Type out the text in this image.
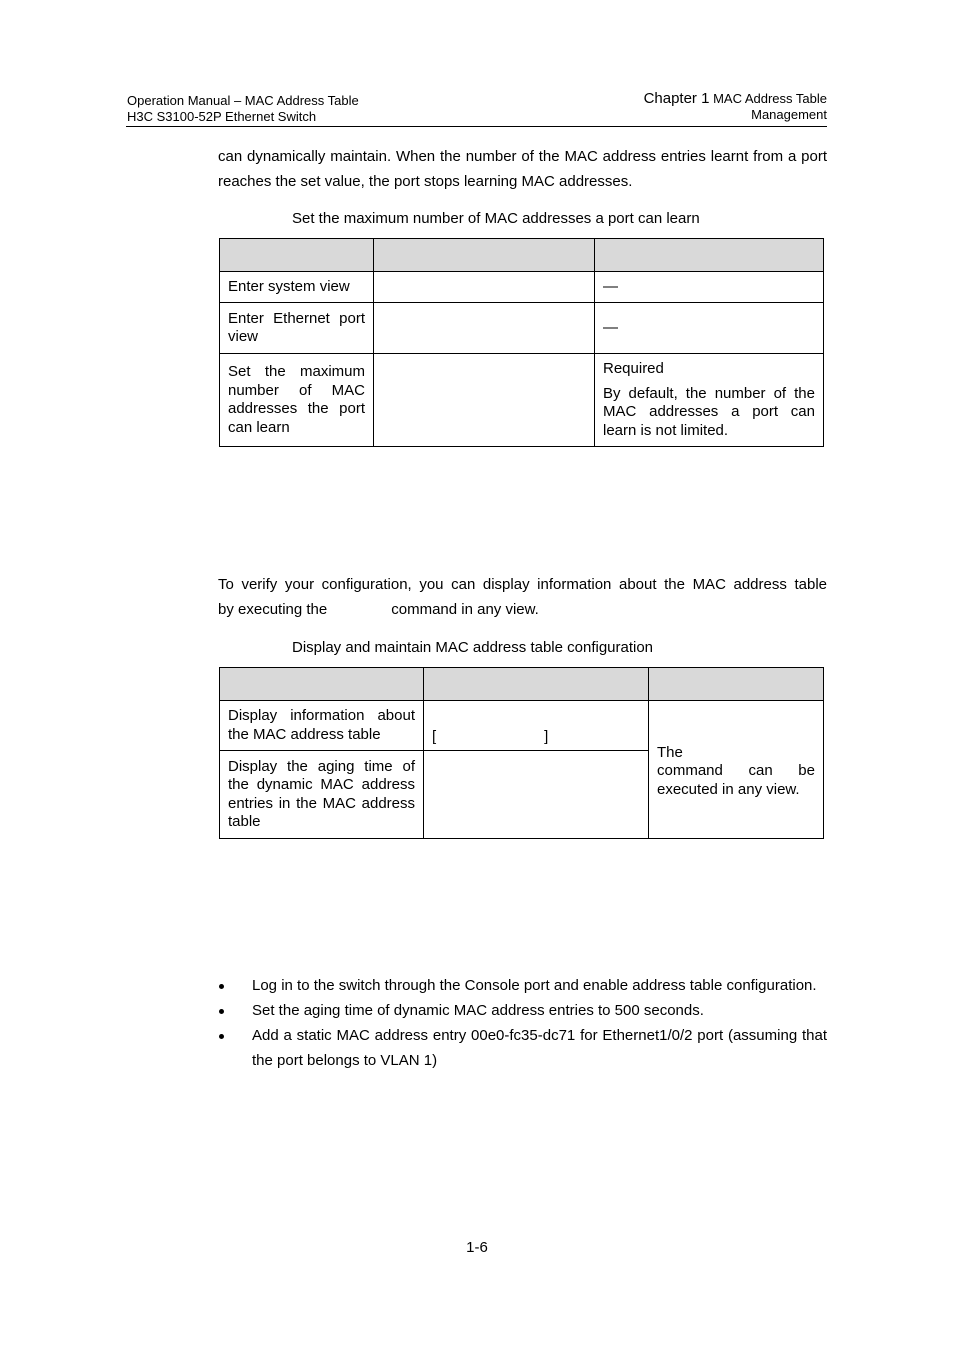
Operation Manual – MAC Address Table
H3C S3100-52P Ethernet Switch
Chapter 1 MAC Address Table
Management
can dynamically maintain. When the number of the MAC address entries learnt from a port reaches the set value, the port stops learning MAC addresses.
Set the maximum number of MAC addresses a port can learn

Enter system view		—
Enter Ethernet port view		—
Set the maximum number of MAC addresses the port can learn		Required
By default, the number of the MAC addresses a port can learn is not limited.
To verify your configuration, you can display information about the MAC address table
by executing the	command in any view.
Display and maintain MAC address table configuration

Display information about the MAC address table	[ ]	The
command can be
executed in any view.

Display the aging time of the dynamic MAC address entries in the MAC address table		
Log in to the switch through the Console port and enable address table configuration.
Set the aging time of dynamic MAC address entries to 500 seconds.
Add a static MAC address entry 00e0-fc35-dc71 for Ethernet1/0/2 port (assuming that the port belongs to VLAN 1)
1-6
